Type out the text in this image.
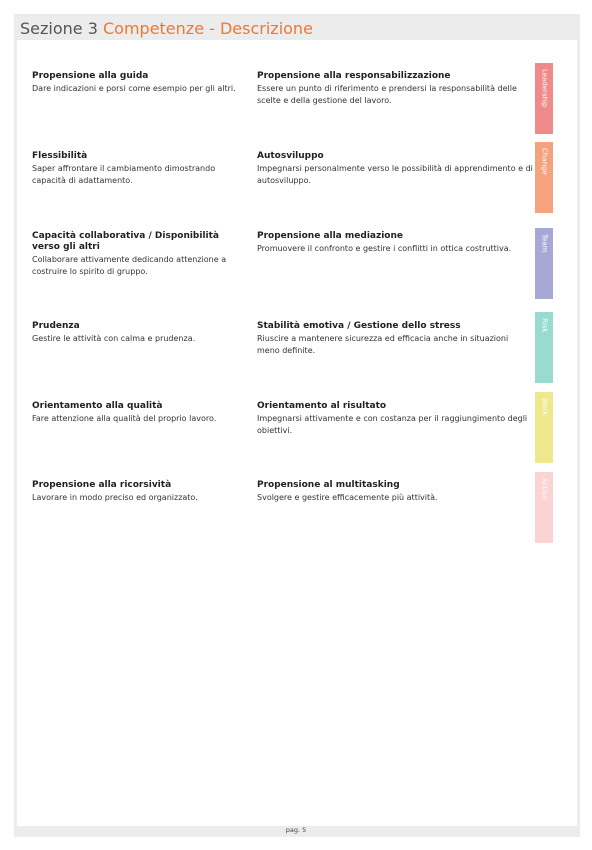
Sezione 3 Competenze - Descrizione

Propensione alla guida

Dare indicazioni e porsi come esempio per gli altri.

Propensione alla responsabilizzazione

Essere un punto di riferimento e prendersi la responsabilità delle scelte e della gestione del lavoro.	Leadership

Flessibilità

Saper affrontare il cambiamento dimostrando capacità di adattamento.

Autosviluppo

Impegnarsi personalmente verso le possibilità di apprendimento e di autosviluppo.

Change

Capacità collaborativa / Disponibilità verso gli altri

Collaborare attivamente dedicando attenzione a costruire lo spirito di gruppo.

Propensione alla mediazione

Promuovere il confronto e gestire i conflitti in ottica costruttiva.	Team

Prudenza

Gestire le attività con calma e prudenza.

Stabilità emotiva / Gestione dello stress

Riuscire a mantenere sicurezza ed efficacia anche in situazioni meno definite.

Risk

Orientamento alla qualità

Fare attenzione alla qualità del proprio lavoro.

Orientamento al risultato

Impegnarsi attivamente e con costanza per il raggiungimento degli obiettivi.

Work

Propensione alla ricorsività

Lavorare in modo preciso ed organizzato.

Propensione al multitasking

Svolgere e gestire efficacemente più attività.	Action
pag. 5
